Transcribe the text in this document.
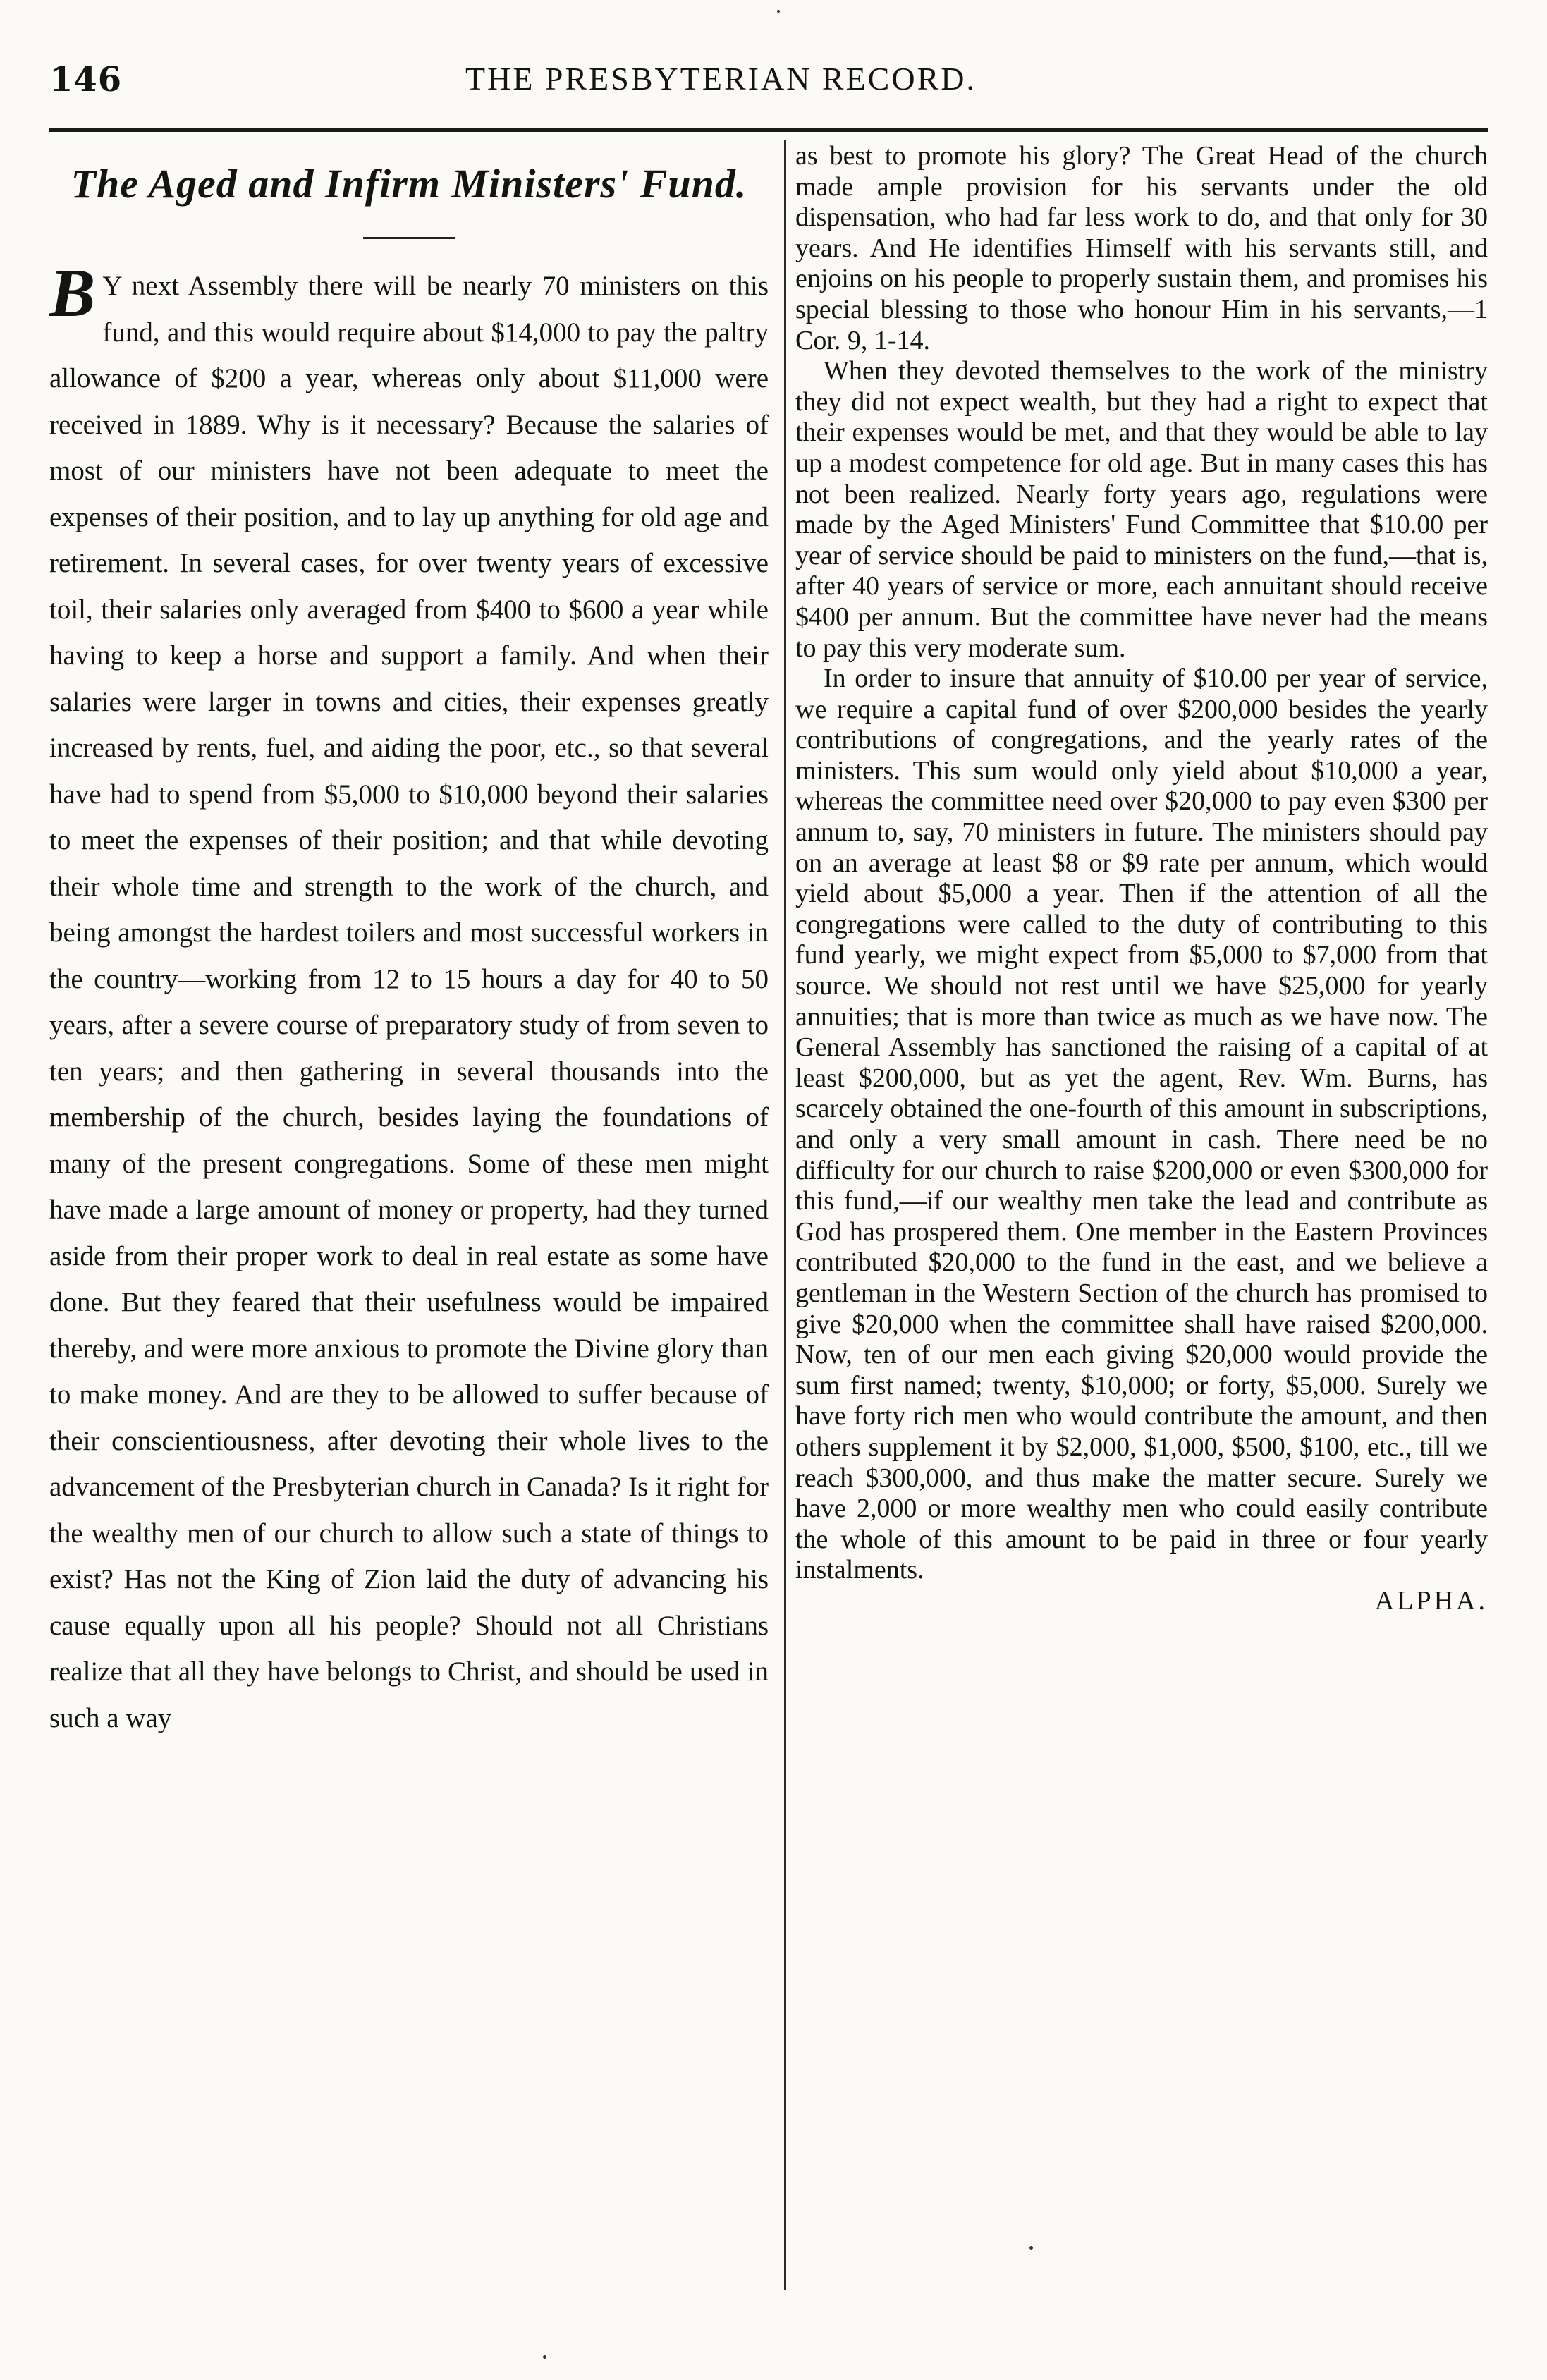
146	THE PRESBYTERIAN RECORD.
The Aged and Infirm Ministers' Fund.

B Y next Assembly there will be nearly 70 ministers on this fund, and this would require about $14,000 to pay the paltry allowance of $200 a year, whereas only about $11,000 were received in 1889. Why is it necessary? Because the salaries of most of our ministers have not been adequate to meet the expenses of their position, and to lay up anything for old age and retirement. In several cases, for over twenty years of excessive toil, their salaries only averaged from $400 to $600 a year while having to keep a horse and support a family. And when their salaries were larger in towns and cities, their expenses greatly increased by rents, fuel, and aiding the poor, etc., so that several have had to spend from $5,000 to $10,000 beyond their salaries to meet the expenses of their position; and that while devoting their whole time and strength to the work of the church, and being amongst the hardest toilers and most successful workers in the country—working from 12 to 15 hours a day for 40 to 50 years, after a severe course of preparatory study of from seven to ten years; and then gathering in several thousands into the membership of the church, besides laying the foundations of many of the present congregations. Some of these men might have made a large amount of money or property, had they turned aside from their proper work to deal in real estate as some have done. But they feared that their usefulness would be impaired thereby, and were more anxious to promote the Divine glory than to make money. And are they to be allowed to suffer because of their conscientiousness, after devoting their whole lives to the advancement of the Presbyterian church in Canada? Is it right for the wealthy men of our church to allow such a state of things to exist? Has not the King of Zion laid the duty of advancing his cause equally upon all his people? Should not all Christians realize that all they have belongs to Christ, and should be used in such a way

as best to promote his glory? The Great Head of the church made ample provision for his servants under the old dispensation, who had far less work to do, and that only for 30 years. And He identifies Himself with his servants still, and enjoins on his people to properly sustain them, and promises his special blessing to those who honour Him in his servants,—1 Cor. 9, 1-14.

When they devoted themselves to the work of the ministry they did not expect wealth, but they had a right to expect that their expenses would be met, and that they would be able to lay up a modest competence for old age. But in many cases this has not been realized. Nearly forty years ago, regulations were made by the Aged Ministers' Fund Committee that $10.00 per year of service should be paid to ministers on the fund,—that is, after 40 years of service or more, each annuitant should receive $400 per annum. But the committee have never had the means to pay this very moderate sum.

In order to insure that annuity of $10.00 per year of service, we require a capital fund of over $200,000 besides the yearly contributions of congregations, and the yearly rates of the ministers. This sum would only yield about $10,000 a year, whereas the committee need over $20,000 to pay even $300 per annum to, say, 70 ministers in future. The ministers should pay on an average at least $8 or $9 rate per annum, which would yield about $5,000 a year. Then if the attention of all the congregations were called to the duty of contributing to this fund yearly, we might expect from $5,000 to $7,000 from that source. We should not rest until we have $25,000 for yearly annuities; that is more than twice as much as we have now. The General Assembly has sanctioned the raising of a capital of at least $200,000, but as yet the agent, Rev. Wm. Burns, has scarcely obtained the one-fourth of this amount in subscriptions, and only a very small amount in cash. There need be no difficulty for our church to raise $200,000 or even $300,000 for this fund,—if our wealthy men take the lead and contribute as God has prospered them. One member in the Eastern Provinces contributed $20,000 to the fund in the east, and we believe a gentleman in the Western Section of the church has promised to give $20,000 when the committee shall have raised $200,000. Now, ten of our men each giving $20,000 would provide the sum first named; twenty, $10,000; or forty, $5,000. Surely we have forty rich men who would contribute the amount, and then others supplement it by $2,000, $1,000, $500, $100, etc., till we reach $300,000, and thus make the matter secure. Surely we have 2,000 or more wealthy men who could easily contribute the whole of this amount to be paid in three or four yearly instalments.

ALPHA.
